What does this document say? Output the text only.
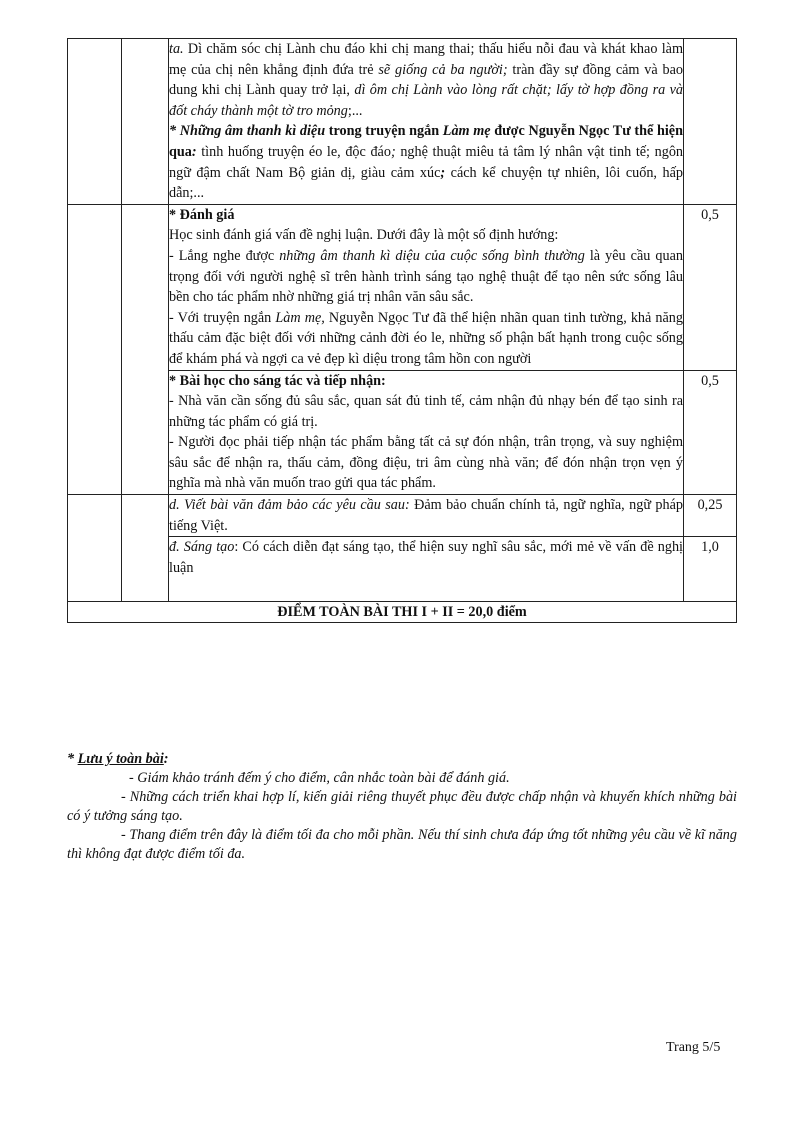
		ta. Dì chăm sóc chị Lành chu đáo khi chị mang thai; thấu hiểu nỗi đau và khát khao làm mẹ của chị nên khẳng định đứa trẻ sẽ giống cả ba người; tràn đầy sự đồng cảm và bao dung khi chị Lành quay trở lại, dì ôm chị Lành vào lòng rất chặt; lấy tờ hợp đồng ra và đốt cháy thành một tờ tro mỏng;...
* Những âm thanh kì diệu trong truyện ngắn Làm mẹ được Nguyễn Ngọc Tư thể hiện qua: tình huống truyện éo le, độc đáo; nghệ thuật miêu tả tâm lý nhân vật tinh tế; ngôn ngữ đậm chất Nam Bộ giản dị, giàu cảm xúc; cách kể chuyện tự nhiên, lôi cuốn, hấp dẫn;...	

		* Đánh giá
Học sinh đánh giá vấn đề nghị luận. Dưới đây là một số định hướng:
- Lắng nghe được những âm thanh kì diệu của cuộc sống bình thường là yêu cầu quan trọng đối với người nghệ sĩ trên hành trình sáng tạo nghệ thuật để tạo nên sức sống lâu bền cho tác phẩm nhờ những giá trị nhân văn sâu sắc.
- Với truyện ngắn Làm mẹ, Nguyễn Ngọc Tư đã thể hiện nhãn quan tinh tường, khả năng thấu cảm đặc biệt đối với những cảnh đời éo le, những số phận bất hạnh trong cuộc sống để khám phá và ngợi ca vẻ đẹp kì diệu trong tâm hồn con người	0,5

		* Bài học cho sáng tác và tiếp nhận:
- Nhà văn cần sống đủ sâu sắc, quan sát đủ tinh tế, cảm nhận đủ nhạy bén để tạo sinh ra những tác phẩm có giá trị.
- Người đọc phải tiếp nhận tác phẩm bằng tất cả sự đón nhận, trân trọng, và suy nghiệm sâu sắc để nhận ra, thấu cảm, đồng điệu, tri âm cùng nhà văn; để đón nhận trọn vẹn ý nghĩa mà nhà văn muốn trao gửi qua tác phẩm.	0,5
		d. Viết bài văn đảm bảo các yêu cầu sau: Đảm bảo chuẩn chính tả, ngữ nghĩa, ngữ pháp tiếng Việt.	0,25
		đ. Sáng tạo: Có cách diễn đạt sáng tạo, thể hiện suy nghĩ sâu sắc, mới mẻ về vấn đề nghị luận	1,0
ĐIỂM TOÀN BÀI THI I + II = 20,0 điểm			
* Lưu ý toàn bài:

- Giám khảo tránh đếm ý cho điểm, cân nhắc toàn bài để đánh giá.

- Những cách triển khai hợp lí, kiến giải riêng thuyết phục đều được chấp nhận và khuyến khích những bài có ý tưởng sáng tạo.

- Thang điểm trên đây là điểm tối đa cho mỗi phần. Nếu thí sinh chưa đáp ứng tốt những yêu cầu về kĩ năng thì không đạt được điểm tối đa.

Trang 5/5
